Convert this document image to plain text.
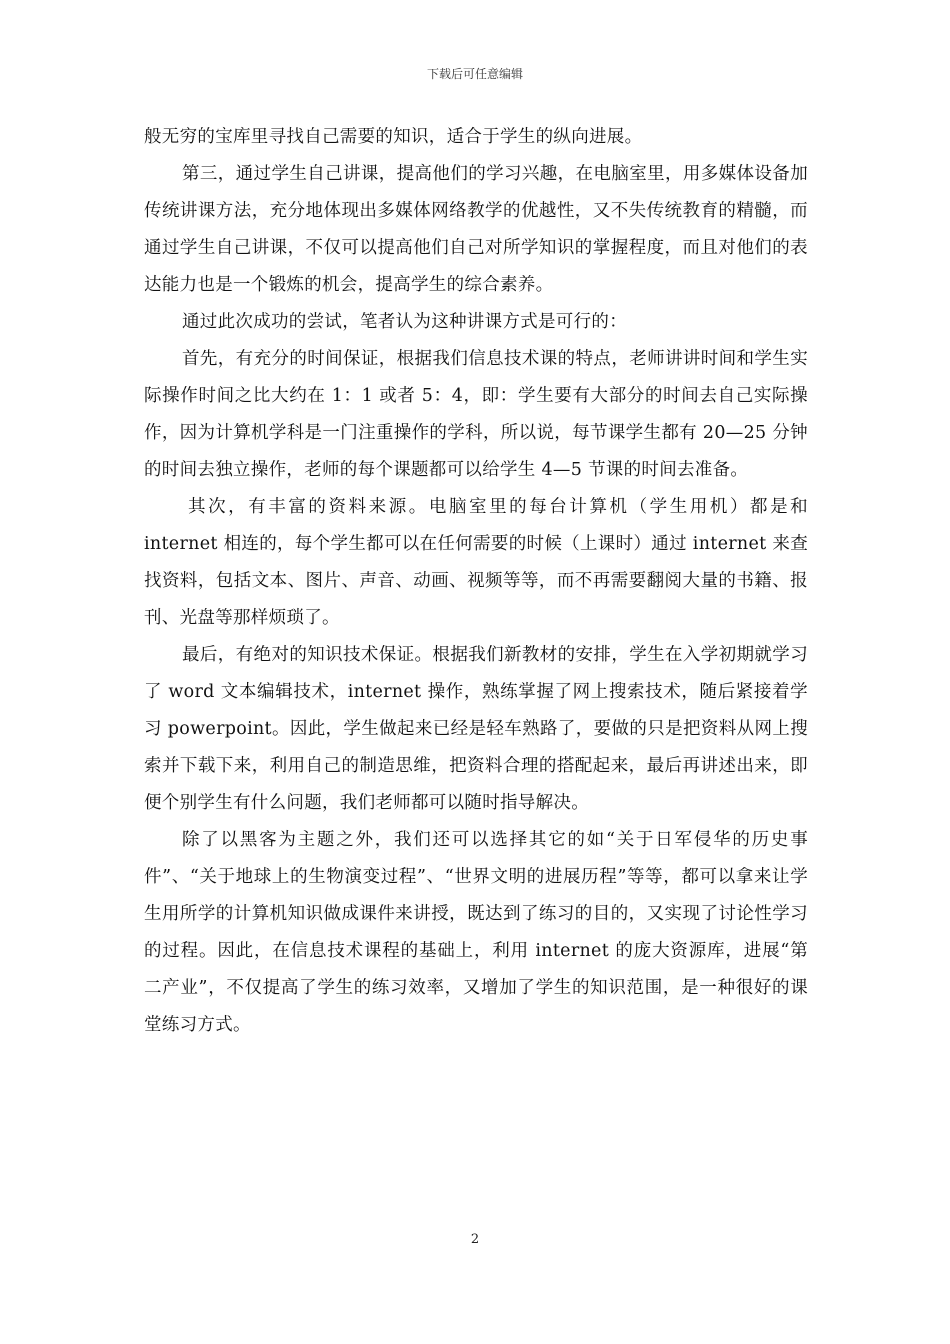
下载后可任意编辑

般无穷的宝库里寻找自己需要的知识，适合于学生的纵向进展。

第三，通过学生自己讲课，提高他们的学习兴趣，在电脑室里，用多媒体设备加传统讲课方法，充分地体现出多媒体网络教学的优越性，又不失传统教育的精髓，而通过学生自己讲课，不仅可以提高他们自己对所学知识的掌握程度，而且对他们的表达能力也是一个锻炼的机会，提高学生的综合素养。

通过此次成功的尝试，笔者认为这种讲课方式是可行的：

首先，有充分的时间保证，根据我们信息技术课的特点，老师讲讲时间和学生实际操作时间之比大约在 1：1 或者 5：4，即：学生要有大部分的时间去自己实际操作，因为计算机学科是一门注重操作的学科，所以说，每节课学生都有 20—25 分钟的时间去独立操作，老师的每个课题都可以给学生 4—5 节课的时间去准备。

其次，有丰富的资料来源。电脑室里的每台计算机（学生用机）都是和 internet 相连的，每个学生都可以在任何需要的时候（上课时）通过 internet 来查找资料，包括文本、图片、声音、动画、视频等等，而不再需要翻阅大量的书籍、报刊、光盘等那样烦琐了。

最后，有绝对的知识技术保证。根据我们新教材的安排，学生在入学初期就学习了 word 文本编辑技术，internet 操作，熟练掌握了网上搜索技术，随后紧接着学习 powerpoint。因此，学生做起来已经是轻车熟路了，要做的只是把资料从网上搜索并下载下来，利用自己的制造思维，把资料合理的搭配起来，最后再讲述出来，即便个别学生有什么问题，我们老师都可以随时指导解决。

除了以黑客为主题之外，我们还可以选择其它的如“关于日军侵华的历史事件”、“关于地球上的生物演变过程”、“世界文明的进展历程”等等，都可以拿来让学生用所学的计算机知识做成课件来讲授，既达到了练习的目的，又实现了讨论性学习的过程。因此，在信息技术课程的基础上，利用 internet 的庞大资源库，进展“第二产业”，不仅提高了学生的练习效率，又增加了学生的知识范围，是一种很好的课堂练习方式。

2
